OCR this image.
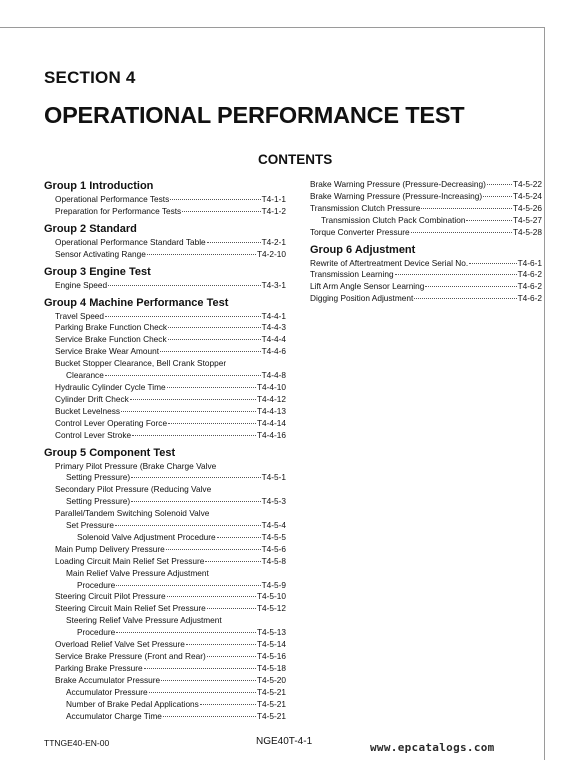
SECTION 4
OPERATIONAL PERFORMANCE TEST
CONTENTS
Group 1 Introduction
Operational Performance Tests	T4-1-1
Preparation for Performance Tests	T4-1-2
Group 2 Standard
Operational Performance Standard Table	T4-2-1
Sensor Activating Range	T4-2-10
Group 3 Engine Test
Engine Speed	T4-3-1
Group 4 Machine Performance Test
Travel Speed	T4-4-1
Parking Brake Function Check	T4-4-3
Service Brake Function Check	T4-4-4
Service Brake Wear Amount	T4-4-6
Bucket Stopper Clearance, Bell Crank Stopper
Clearance	T4-4-8
Hydraulic Cylinder Cycle Time	T4-4-10
Cylinder Drift Check	T4-4-12
Bucket Levelness	T4-4-13
Control Lever Operating Force	T4-4-14
Control Lever Stroke	T4-4-16
Group 5 Component Test
Primary Pilot Pressure (Brake Charge Valve
Setting Pressure)	T4-5-1
Secondary Pilot Pressure (Reducing Valve
Setting Pressure)	T4-5-3
Parallel/Tandem Switching Solenoid Valve
Set Pressure	T4-5-4
Solenoid Valve Adjustment Procedure	T4-5-5
Main Pump Delivery Pressure	T4-5-6
Loading Circuit Main Relief Set Pressure	T4-5-8
Main Relief Valve Pressure Adjustment
Procedure	T4-5-9
Steering Circuit Pilot Pressure	T4-5-10
Steering Circuit Main Relief Set Pressure	T4-5-12
Steering Relief Valve Pressure Adjustment
Procedure	T4-5-13
Overload Relief Valve Set Pressure	T4-5-14
Service Brake Pressure (Front and Rear)	T4-5-16
Parking Brake Pressure	T4-5-18
Brake Accumulator Pressure	T4-5-20
Accumulator Pressure	T4-5-21
Number of Brake Pedal Applications	T4-5-21
Accumulator Charge Time	T4-5-21
Brake Warning Pressure (Pressure-Decreasing)	T4-5-22
Brake Warning Pressure (Pressure-Increasing)	T4-5-24
Transmission Clutch Pressure	T4-5-26
Transmission Clutch Pack Combination	T4-5-27
Torque Converter Pressure	T4-5-28
Group 6 Adjustment
Rewrite of Aftertreatment Device Serial No.	T4-6-1
Transmission Learning	T4-6-2
Lift Arm Angle Sensor Learning	T4-6-2
Digging Position Adjustment	T4-6-2
TTNGE40-EN-00	NGE40T-4-1	www.epcatalogs.com
